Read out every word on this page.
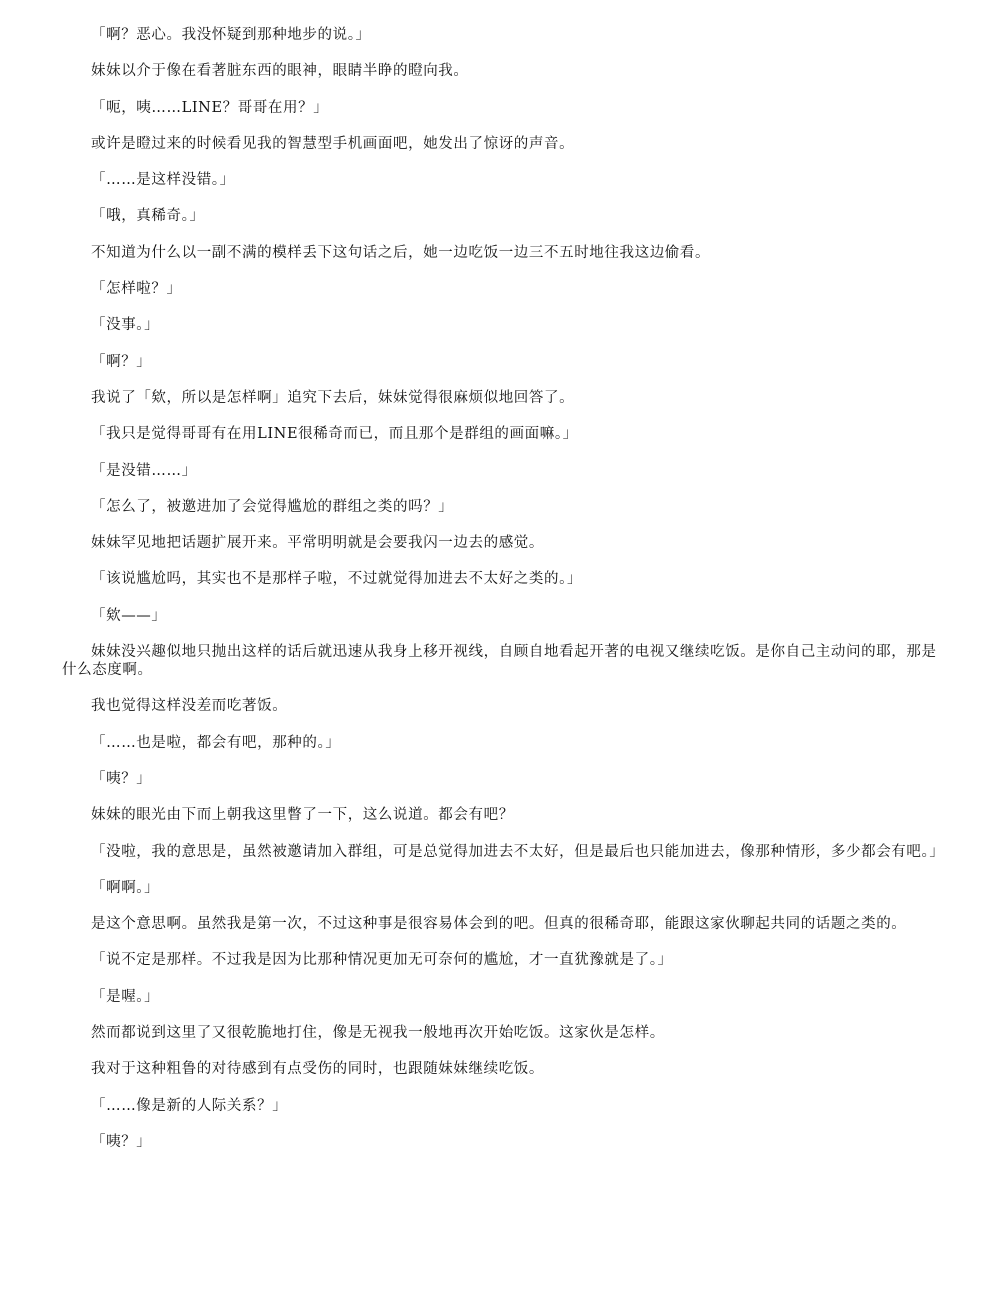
「啊？恶心。我没怀疑到那种地步的说。」

妹妹以介于像在看著脏东西的眼神，眼睛半睁的瞪向我。

「呃，咦……LINE？哥哥在用？」

或许是瞪过来的时候看见我的智慧型手机画面吧，她发出了惊讶的声音。

「……是这样没错。」

「哦，真稀奇。」

不知道为什么以一副不满的模样丢下这句话之后，她一边吃饭一边三不五时地往我这边偷看。

「怎样啦？」

「没事。」

「啊？」

我说了「欸，所以是怎样啊」追究下去后，妹妹觉得很麻烦似地回答了。

「我只是觉得哥哥有在用LINE很稀奇而已，而且那个是群组的画面嘛。」

「是没错……」

「怎么了，被邀进加了会觉得尴尬的群组之类的吗？」

妹妹罕见地把话题扩展开来。平常明明就是会要我闪一边去的感觉。

「该说尴尬吗，其实也不是那样子啦，不过就觉得加进去不太好之类的。」

「欸——」

妹妹没兴趣似地只抛出这样的话后就迅速从我身上移开视线，自顾自地看起开著的电视又继续吃饭。是你自己主动问的耶，那是什么态度啊。

我也觉得这样没差而吃著饭。

「……也是啦，都会有吧，那种的。」

「咦？」

妹妹的眼光由下而上朝我这里瞥了一下，这么说道。都会有吧？

「没啦，我的意思是，虽然被邀请加入群组，可是总觉得加进去不太好，但是最后也只能加进去，像那种情形，多少都会有吧。」

「啊啊。」

是这个意思啊。虽然我是第一次，不过这种事是很容易体会到的吧。但真的很稀奇耶，能跟这家伙聊起共同的话题之类的。

「说不定是那样。不过我是因为比那种情况更加无可奈何的尴尬，才一直犹豫就是了。」

「是喔。」

然而都说到这里了又很乾脆地打住，像是无视我一般地再次开始吃饭。这家伙是怎样。

我对于这种粗鲁的对待感到有点受伤的同时，也跟随妹妹继续吃饭。

「……像是新的人际关系？」

「咦？」
